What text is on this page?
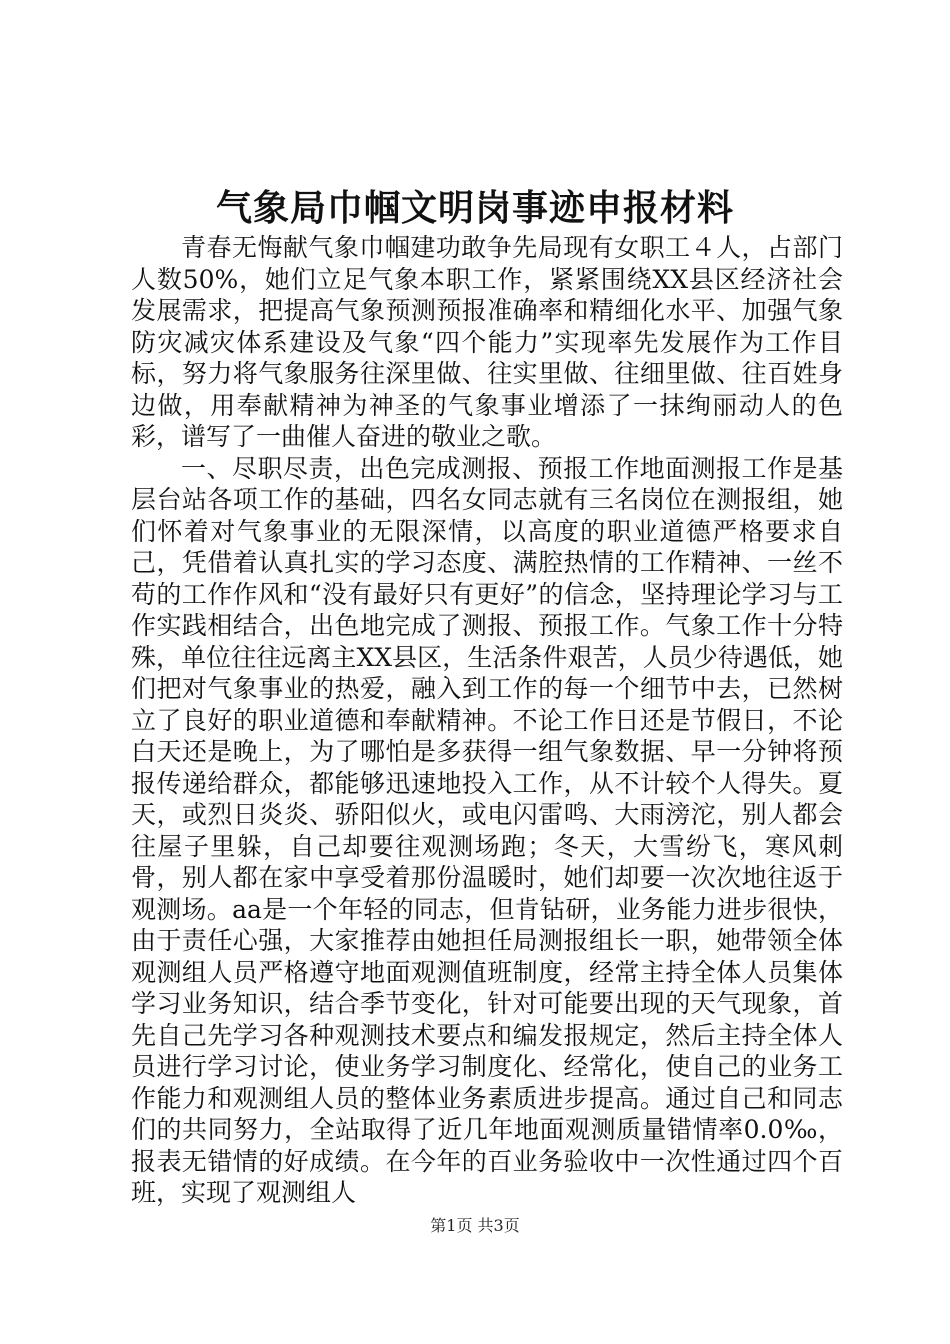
气象局巾帼文明岗事迹申报材料

青春无悔献气象巾帼建功敢争先局现有女职工４人，占部门人数50%，她们立足气象本职工作，紧紧围绕XX县区经济社会发展需求，把提高气象预测预报准确率和精细化水平、加强气象防灾减灾体系建设及气象“四个能力”实现率先发展作为工作目标，努力将气象服务往深里做、往实里做、往细里做、往百姓身边做，用奉献精神为神圣的气象事业增添了一抹绚丽动人的色彩，谱写了一曲催人奋进的敬业之歌。

一、尽职尽责，出色完成测报、预报工作地面测报工作是基层台站各项工作的基础，四名女同志就有三名岗位在测报组，她们怀着对气象事业的无限深情，以高度的职业道德严格要求自己，凭借着认真扎实的学习态度、满腔热情的工作精神、一丝不苟的工作作风和“没有最好只有更好”的信念，坚持理论学习与工作实践相结合，出色地完成了测报、预报工作。气象工作十分特殊，单位往往远离主XX县区，生活条件艰苦，人员少待遇低，她们把对气象事业的热爱，融入到工作的每一个细节中去，已然树立了良好的职业道德和奉献精神。不论工作日还是节假日，不论白天还是晚上，为了哪怕是多获得一组气象数据、早一分钟将预报传递给群众，都能够迅速地投入工作，从不计较个人得失。夏天，或烈日炎炎、骄阳似火，或电闪雷鸣、大雨滂沱，别人都会往屋子里躲，自己却要往观测场跑；冬天，大雪纷飞，寒风刺骨，别人都在家中享受着那份温暖时，她们却要一次次地往返于观测场。aa是一个年轻的同志，但肯钻研，业务能力进步很快，由于责任心强，大家推荐由她担任局测报组长一职，她带领全体观测组人员严格遵守地面观测值班制度，经常主持全体人员集体学习业务知识，结合季节变化，针对可能要出现的天气现象，首先自己先学习各种观测技术要点和编发报规定，然后主持全体人员进行学习讨论，使业务学习制度化、经常化，使自己的业务工作能力和观测组人员的整体业务素质进步提高。通过自己和同志们的共同努力，全站取得了近几年地面观测质量错情率0.0‰，报表无错情的好成绩。在今年的百业务验收中一次性通过四个百班，实现了观测组人

第1页 共3页
